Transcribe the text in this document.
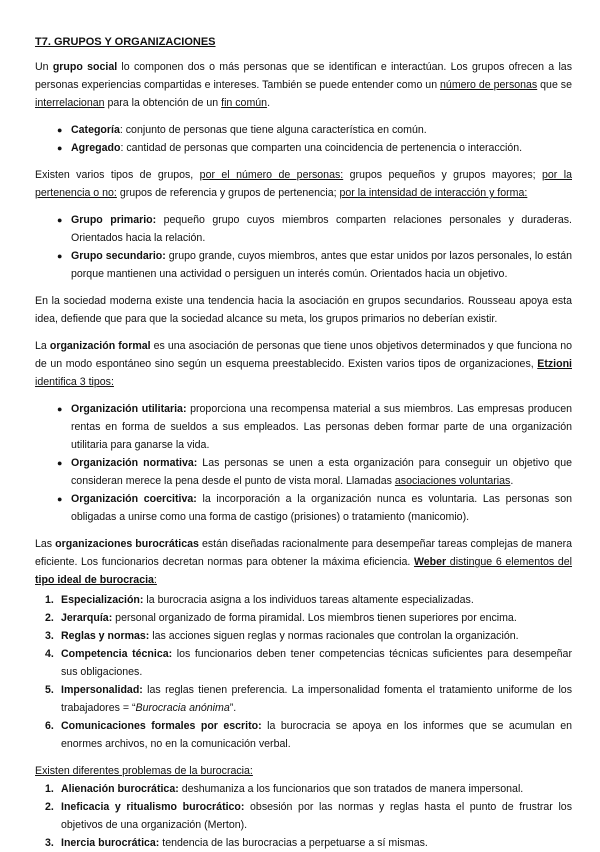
T7. GRUPOS Y ORGANIZACIONES

Un grupo social lo componen dos o más personas que se identifican e interactúan. Los grupos ofrecen a las personas experiencias compartidas e intereses. También se puede entender como un número de personas que se interrelacionan para la obtención de un fin común.

● Categoría: conjunto de personas que tiene alguna característica en común.
● Agregado: cantidad de personas que comparten una coincidencia de pertenencia o interacción.

Existen varios tipos de grupos, por el número de personas: grupos pequeños y grupos mayores; por la pertenencia o no: grupos de referencia y grupos de pertenencia; por la intensidad de interacción y forma:

● Grupo primario: pequeño grupo cuyos miembros comparten relaciones personales y duraderas. Orientados hacia la relación.
● Grupo secundario: grupo grande, cuyos miembros, antes que estar unidos por lazos personales, lo están porque mantienen una actividad o persiguen un interés común. Orientados hacia un objetivo.

En la sociedad moderna existe una tendencia hacia la asociación en grupos secundarios. Rousseau apoya esta idea, defiende que para que la sociedad alcance su meta, los grupos primarios no deberían existir.

La organización formal es una asociación de personas que tiene unos objetivos determinados y que funciona no de un modo espontáneo sino según un esquema preestablecido. Existen varios tipos de organizaciones, Etzioni identifica 3 tipos:

● Organización utilitaria: proporciona una recompensa material a sus miembros. Las empresas producen rentas en forma de sueldos a sus empleados. Las personas deben formar parte de una organización utilitaria para ganarse la vida.
● Organización normativa: Las personas se unen a esta organización para conseguir un objetivo que consideran merece la pena desde el punto de vista moral. Llamadas asociaciones voluntarias.
● Organización coercitiva: la incorporación a la organización nunca es voluntaria. Las personas son obligadas a unirse como una forma de castigo (prisiones) o tratamiento (manicomio).

Las organizaciones burocráticas están diseñadas racionalmente para desempeñar tareas complejas de manera eficiente. Los funcionarios decretan normas para obtener la máxima eficiencia. Weber distingue 6 elementos del tipo ideal de burocracia:

1. Especialización: la burocracia asigna a los individuos tareas altamente especializadas.
2. Jerarquía: personal organizado de forma piramidal. Los miembros tienen superiores por encima.
3. Reglas y normas: las acciones siguen reglas y normas racionales que controlan la organización.
4. Competencia técnica: los funcionarios deben tener competencias técnicas suficientes para desempeñar sus obligaciones.
5. Impersonalidad: las reglas tienen preferencia. La impersonalidad fomenta el tratamiento uniforme de los trabajadores = “Burocracia anónima”.
6. Comunicaciones formales por escrito: la burocracia se apoya en los informes que se acumulan en enormes archivos, no en la comunicación verbal.
Existen diferentes problemas de la burocracia:
1. Alienación burocrática: deshumaniza a los funcionarios que son tratados de manera impersonal.
2. Ineficacia y ritualismo burocrático: obsesión por las normas y reglas hasta el punto de frustrar los objetivos de una organización (Merton).
3. Inercia burocrática: tendencia de las burocracias a perpetuarse a sí mismas.
